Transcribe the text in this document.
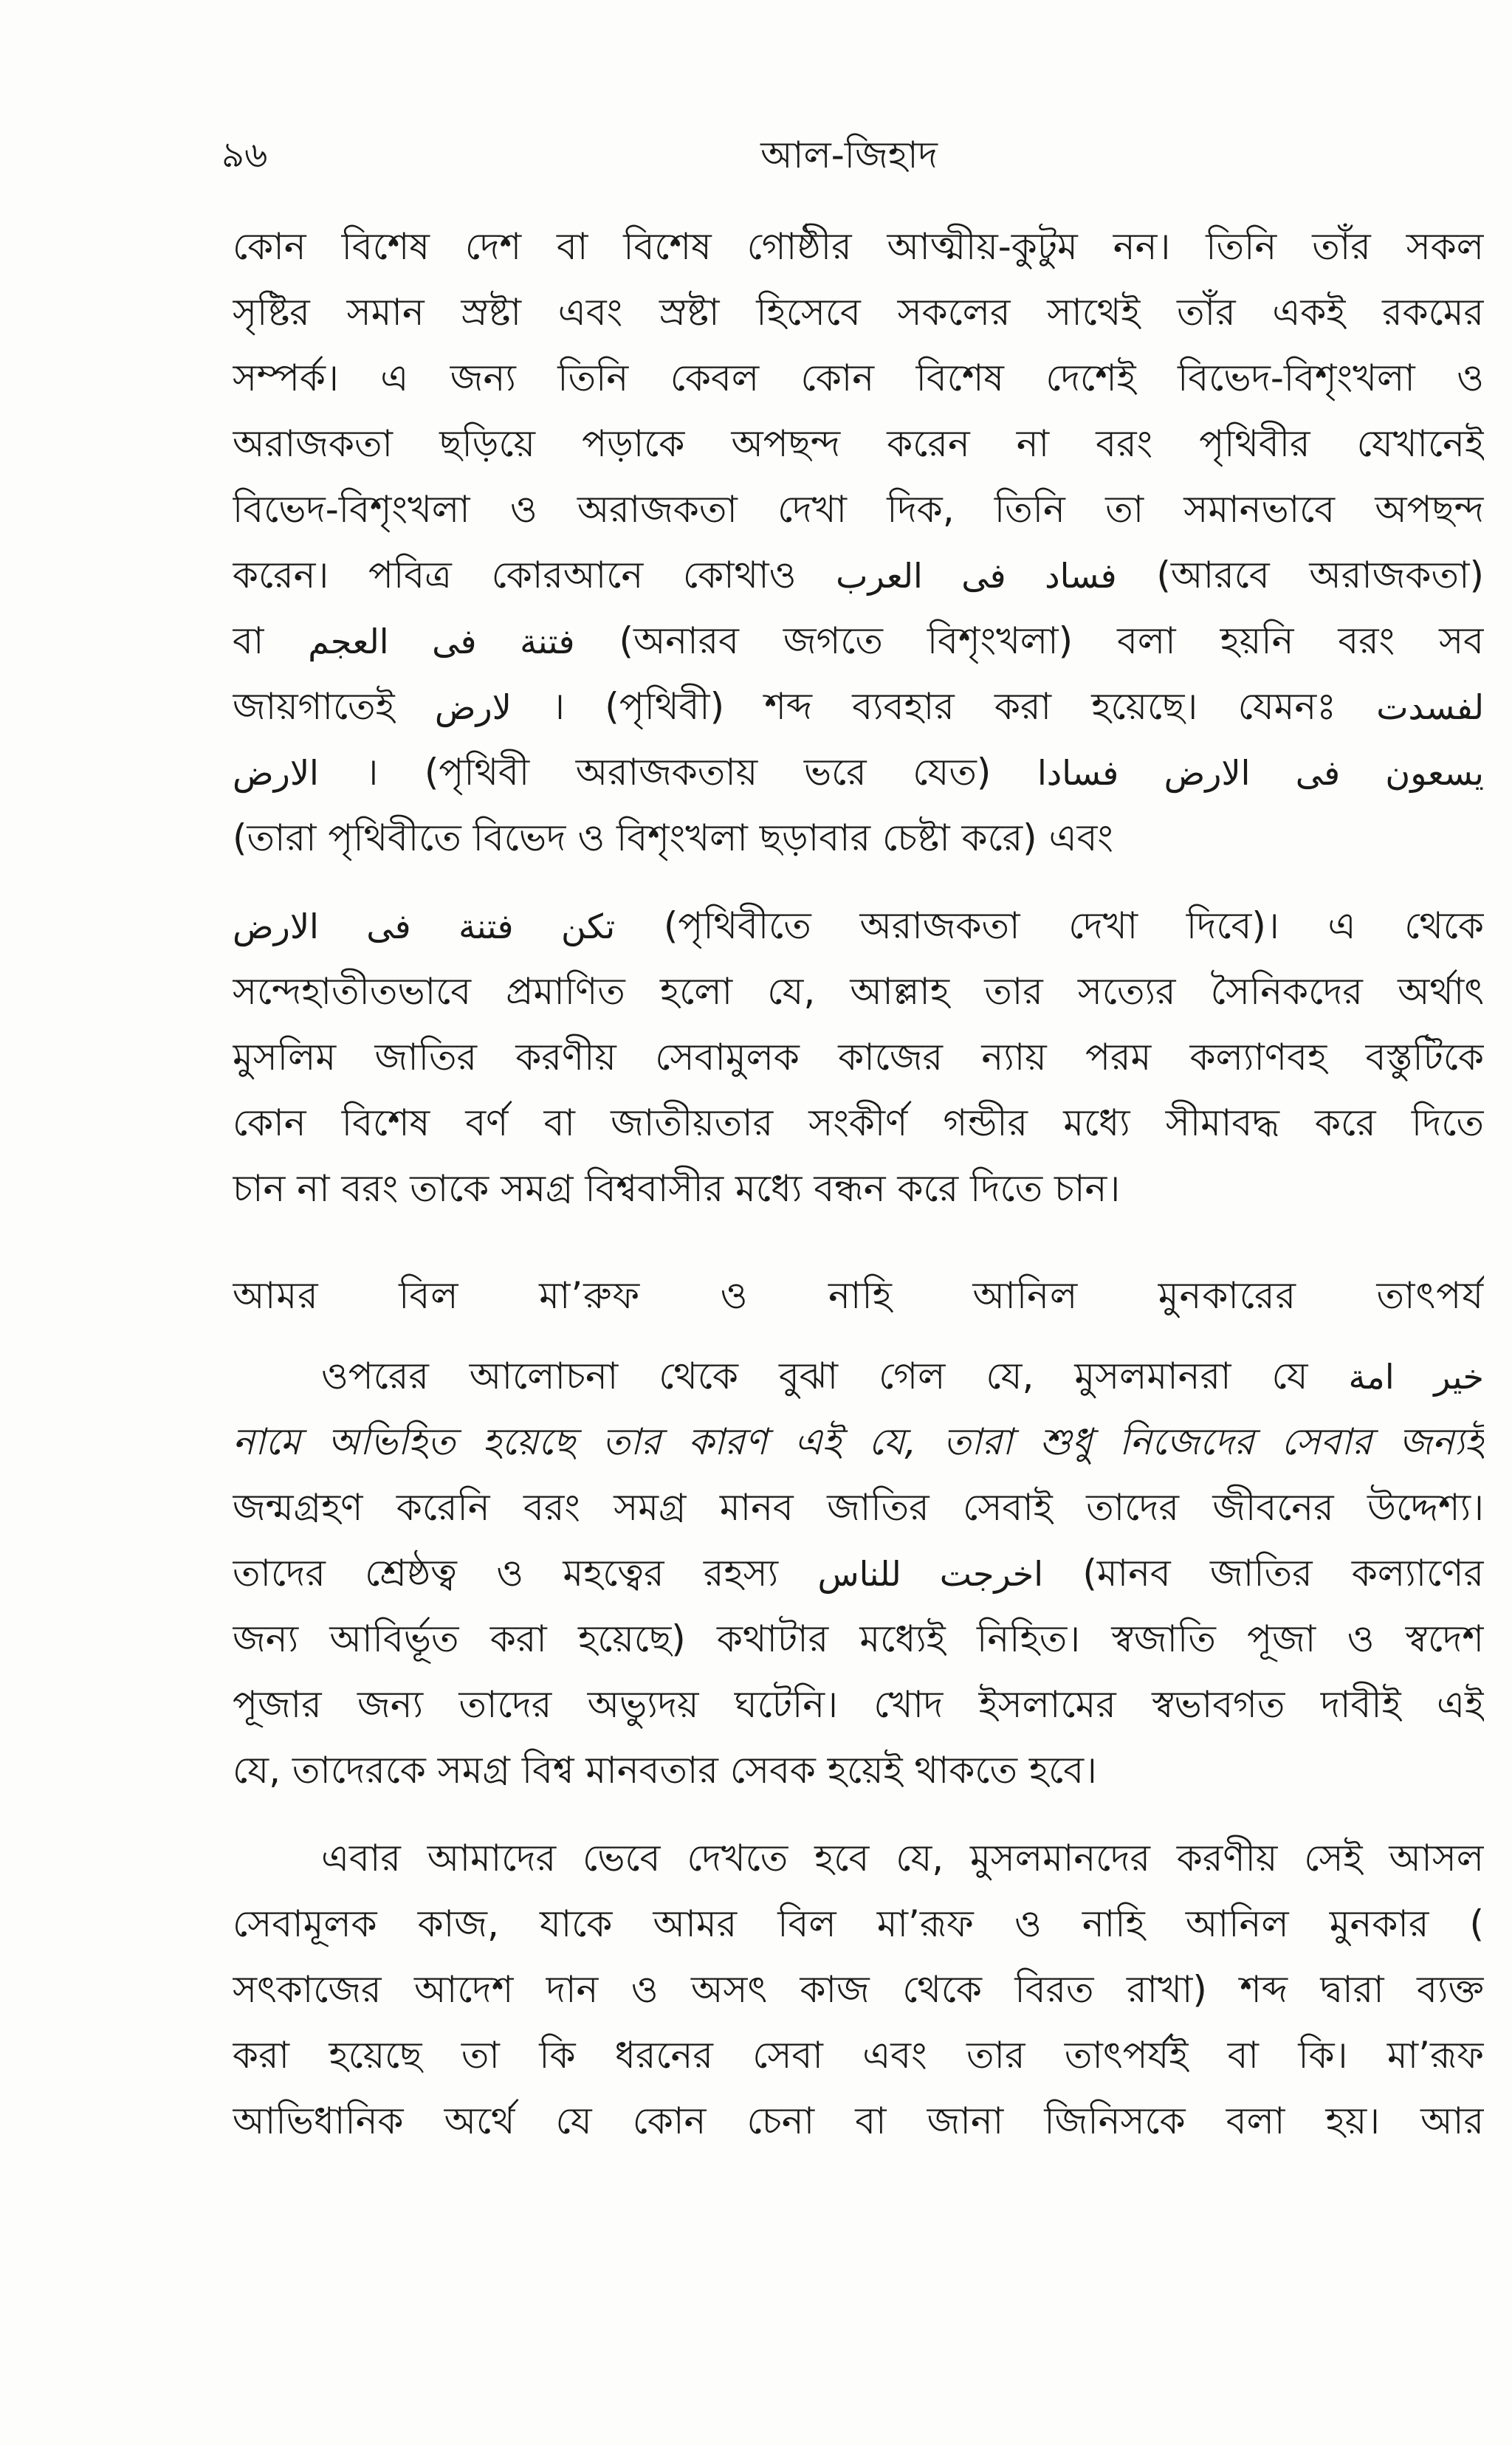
৯৬	আল-জিহাদ
কোন বিশেষ দেশ বা বিশেষ গোষ্ঠীর আত্মীয়-কুটুম নন। তিনি তাঁর সকল
সৃষ্টির সমান স্রষ্টা এবং স্রষ্টা হিসেবে সকলের সাথেই তাঁর একই রকমের
সম্পর্ক। এ জন্য তিনি কেবল কোন বিশেষ দেশেই বিভেদ-বিশৃংখলা ও
অরাজকতা ছড়িয়ে পড়াকে অপছন্দ করেন না বরং পৃথিবীর যেখানেই
বিভেদ-বিশৃংখলা ও অরাজকতা দেখা দিক, তিনি তা সমানভাবে অপছন্দ
করেন। পবিত্র কোরআনে কোথাও فساد فى العرب (আরবে অরাজকতা)
বা فتنة فى العجم (অনারব জগতে বিশৃংখলা) বলা হয়নি বরং সব
জায়গাতেই لارض । (পৃথিবী) শব্দ ব্যবহার করা হয়েছে। যেমনঃ لفسدت
الارض । (পৃথিবী অরাজকতায় ভরে যেত) يسعون فى الارض فسادا
(তারা পৃথিবীতে বিভেদ ও বিশৃংখলা ছড়াবার চেষ্টা করে) এবং
تكن فتنة فى الارض (পৃথিবীতে অরাজকতা দেখা দিবে)। এ থেকে
সন্দেহাতীতভাবে প্রমাণিত হলো যে, আল্লাহ তার সত্যের সৈনিকদের অর্থাৎ
মুসলিম জাতির করণীয় সেবামুলক কাজের ন্যায় পরম কল্যাণবহ বস্তুটিকে
কোন বিশেষ বর্ণ বা জাতীয়তার সংকীর্ণ গন্ডীর মধ্যে সীমাবদ্ধ করে দিতে
চান না বরং তাকে সমগ্র বিশ্ববাসীর মধ্যে বন্ধন করে দিতে চান।
আমর বিল মা’রুফ ও নাহি আনিল মুনকারের তাৎপর্য
ওপরের আলোচনা থেকে বুঝা গেল যে, মুসলমানরা যে خير امة
নামে অভিহিত হয়েছে তার কারণ এই যে, তারা শুধু নিজেদের সেবার জন্যই
জন্মগ্রহণ করেনি বরং সমগ্র মানব জাতির সেবাই তাদের জীবনের উদ্দেশ্য।
তাদের শ্রেষ্ঠত্ব ও মহত্বের রহস্য اخرجت للناس (মানব জাতির কল্যাণের
জন্য আবির্ভূত করা হয়েছে) কথাটার মধ্যেই নিহিত। স্বজাতি পূজা ও স্বদেশ
পূজার জন্য তাদের অভ্যুদয় ঘটেনি। খোদ ইসলামের স্বভাবগত দাবীই এই
যে, তাদেরকে সমগ্র বিশ্ব মানবতার সেবক হয়েই থাকতে হবে।
এবার আমাদের ভেবে দেখতে হবে যে, মুসলমানদের করণীয় সেই আসল
সেবামূলক কাজ, যাকে আমর বিল মা’রূফ ও নাহি আনিল মুনকার (
সৎকাজের আদেশ দান ও অসৎ কাজ থেকে বিরত রাখা) শব্দ দ্বারা ব্যক্ত
করা হয়েছে তা কি ধরনের সেবা এবং তার তাৎপর্যই বা কি। মা’রূফ
আভিধানিক অর্থে যে কোন চেনা বা জানা জিনিসকে বলা হয়। আর
